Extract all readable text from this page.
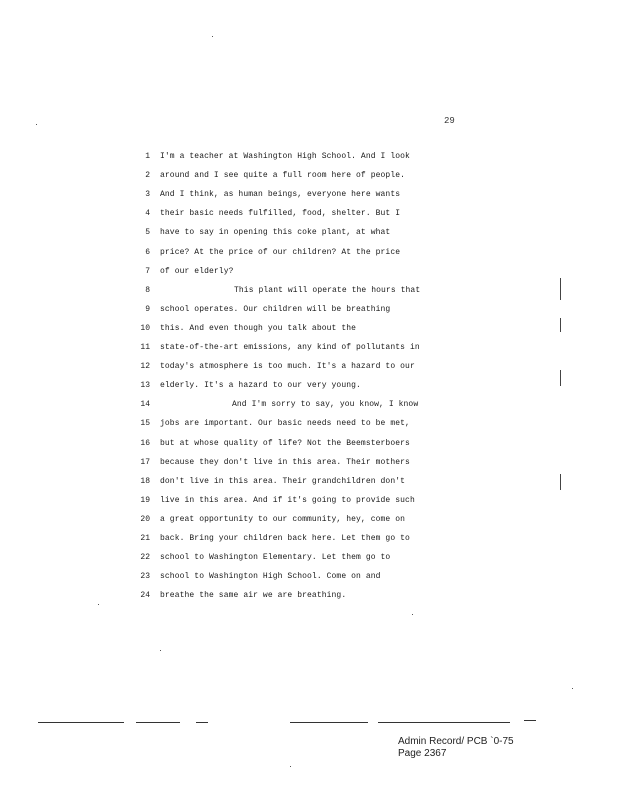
29
1 I'm a teacher at Washington High School. And I look
2 around and I see quite a full room here of people.
3 And I think, as human beings, everyone here wants
4 their basic needs fulfilled, food, shelter. But I
5 have to say in opening this coke plant, at what
6 price? At the price of our children? At the price
7 of our elderly?
8	This plant will operate the hours that
9 school operates. Our children will be breathing
10 this. And even though you talk about the
11 state-of-the-art emissions, any kind of pollutants in
12 today's atmosphere is too much. It's a hazard to our
13 elderly. It's a hazard to our very young.
14	And I'm sorry to say, you know, I know
15 jobs are important. Our basic needs need to be met,
16 but at whose quality of life? Not the Beemsterboers
17 because they don't live in this area. Their mothers
18 don't live in this area. Their grandchildren don't
19 live in this area. And if it's going to provide such
20 a great opportunity to our community, hey, come on
21 back. Bring your children back here. Let them go to
22 school to Washington Elementary. Let them go to
23 school to Washington High School. Come on and
24 breathe the same air we are breathing.
Admin Record/ PCB `0-75
Page 2367
